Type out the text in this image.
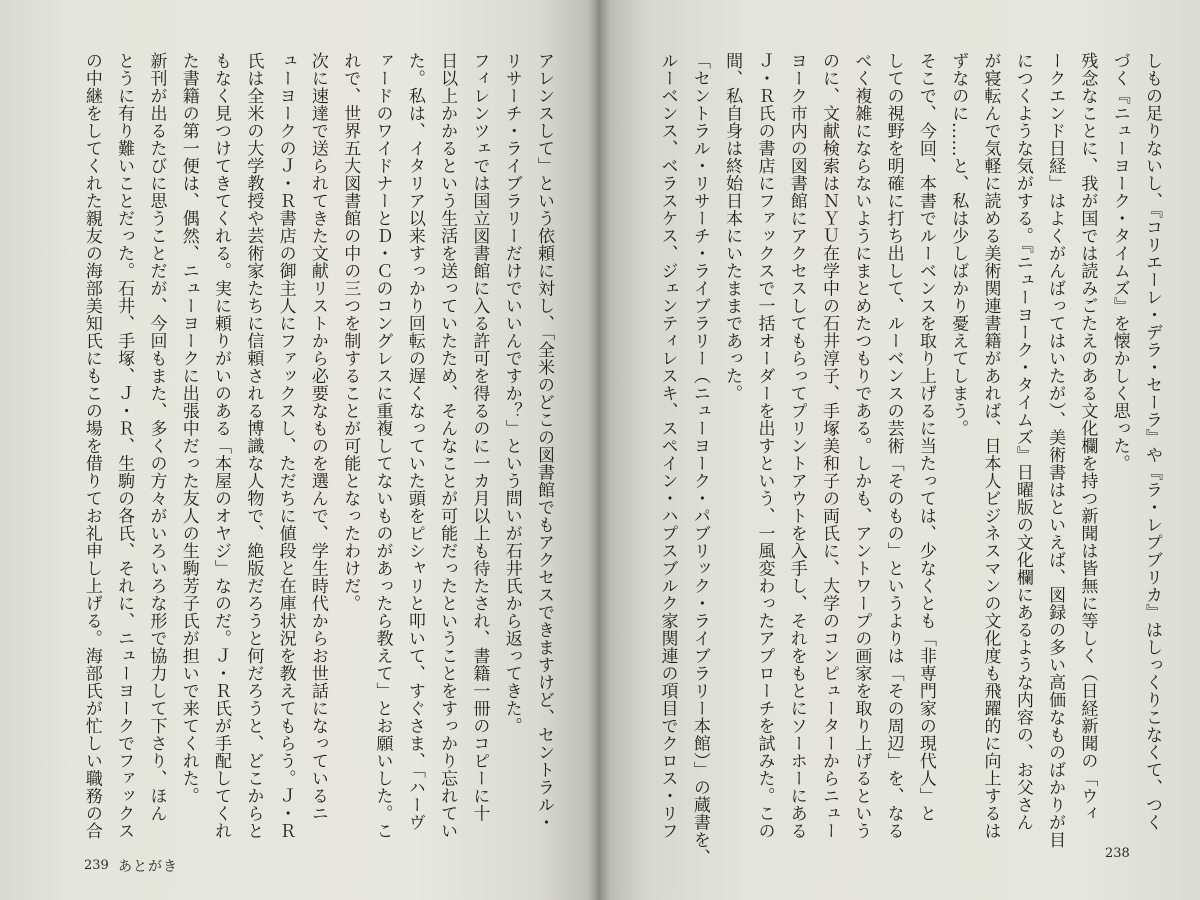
アレンスして」という依頼に対し、「全米のどこの図書館でもアクセスできますけど、セントラル・
リサーチ・ライブラリーだけでいいんですか？」という問いが石井氏から返ってきた。
フィレンツェでは国立図書館に入る許可を得るのに一カ月以上も待たされ、書籍一冊のコピーに十
日以上かかるという生活を送っていたため、そんなことが可能だったということをすっかり忘れてい
た。私は、イタリア以来すっかり回転の遅くなっていた頭をピシャリと叩いて、すぐさま、「ハーヴ
ァードのワイドナーとＤ・Ｃのコングレスに重複してないものがあったら教えて」とお願いした。こ
れで、世界五大図書館の中の三つを制することが可能となったわけだ。
次に速達で送られてきた文献リストから必要なものを選んで、学生時代からお世話になっているニ
ューヨークのＪ・Ｒ書店の御主人にファックスし、ただちに値段と在庫状況を教えてもらう。Ｊ・Ｒ
氏は全米の大学教授や芸術家たちに信頼される博識な人物で、絶版だろうと何だろうと、どこからと
もなく見つけてきてくれる。実に頼りがいのある「本屋のオヤジ」なのだ。Ｊ・Ｒ氏が手配してくれ
た書籍の第一便は、偶然、ニューヨークに出張中だった友人の生駒芳子氏が担いで来てくれた。
新刊が出るたびに思うことだが、今回もまた、多くの方々がいろいろな形で協力して下さり、ほん
とうに有り難いことだった。石井、手塚、Ｊ・Ｒ、生駒の各氏、それに、ニューヨークでファックス
の中継をしてくれた親友の海部美知氏にもこの場を借りてお礼申し上げる。海部氏が忙しい職務の合
239 あとがき
しもの足りないし、『コリエーレ・デラ・セーラ』や『ラ・レプブリカ』はしっくりこなくて、つく
づく『ニューヨーク・タイムズ』を懐かしく思った。
残念なことに、我が国では読みごたえのある文化欄を持つ新聞は皆無に等しく（日経新聞の「ウィ
ークエンド日経」はよくがんばってはいたが）、美術書はといえば、図録の多い高価なものばかりが目
につくような気がする。『ニューヨーク・タイムズ』日曜版の文化欄にあるような内容の、お父さん
が寝転んで気軽に読める美術関連書籍があれば、日本人ビジネスマンの文化度も飛躍的に向上するは
ずなのに……と、私は少しばかり憂えてしまう。
そこで、今回、本書でルーベンスを取り上げるに当たっては、少なくとも「非専門家の現代人」と
しての視野を明確に打ち出して、ルーベンスの芸術「そのもの」というよりは「その周辺」を、なる
べく複雑にならないようにまとめたつもりである。しかも、アントワープの画家を取り上げるという
のに、文献検索はＮＹＵ在学中の石井淳子、手塚美和子の両氏に、大学のコンピューターからニュー
ヨーク市内の図書館にアクセスしてもらってプリントアウトを入手し、それをもとにソーホーにある
Ｊ・Ｒ氏の書店にファックスで一括オーダーを出すという、一風変わったアプローチを試みた。この
間、私自身は終始日本にいたままであった。
「セントラル・リサーチ・ライブラリー（ニューヨーク・パブリック・ライブラリー本館）」の蔵書を、
ルーベンス、ベラスケス、ジェンティレスキ、スペイン・ハプスブルク家関連の項目でクロス・リフ
238
